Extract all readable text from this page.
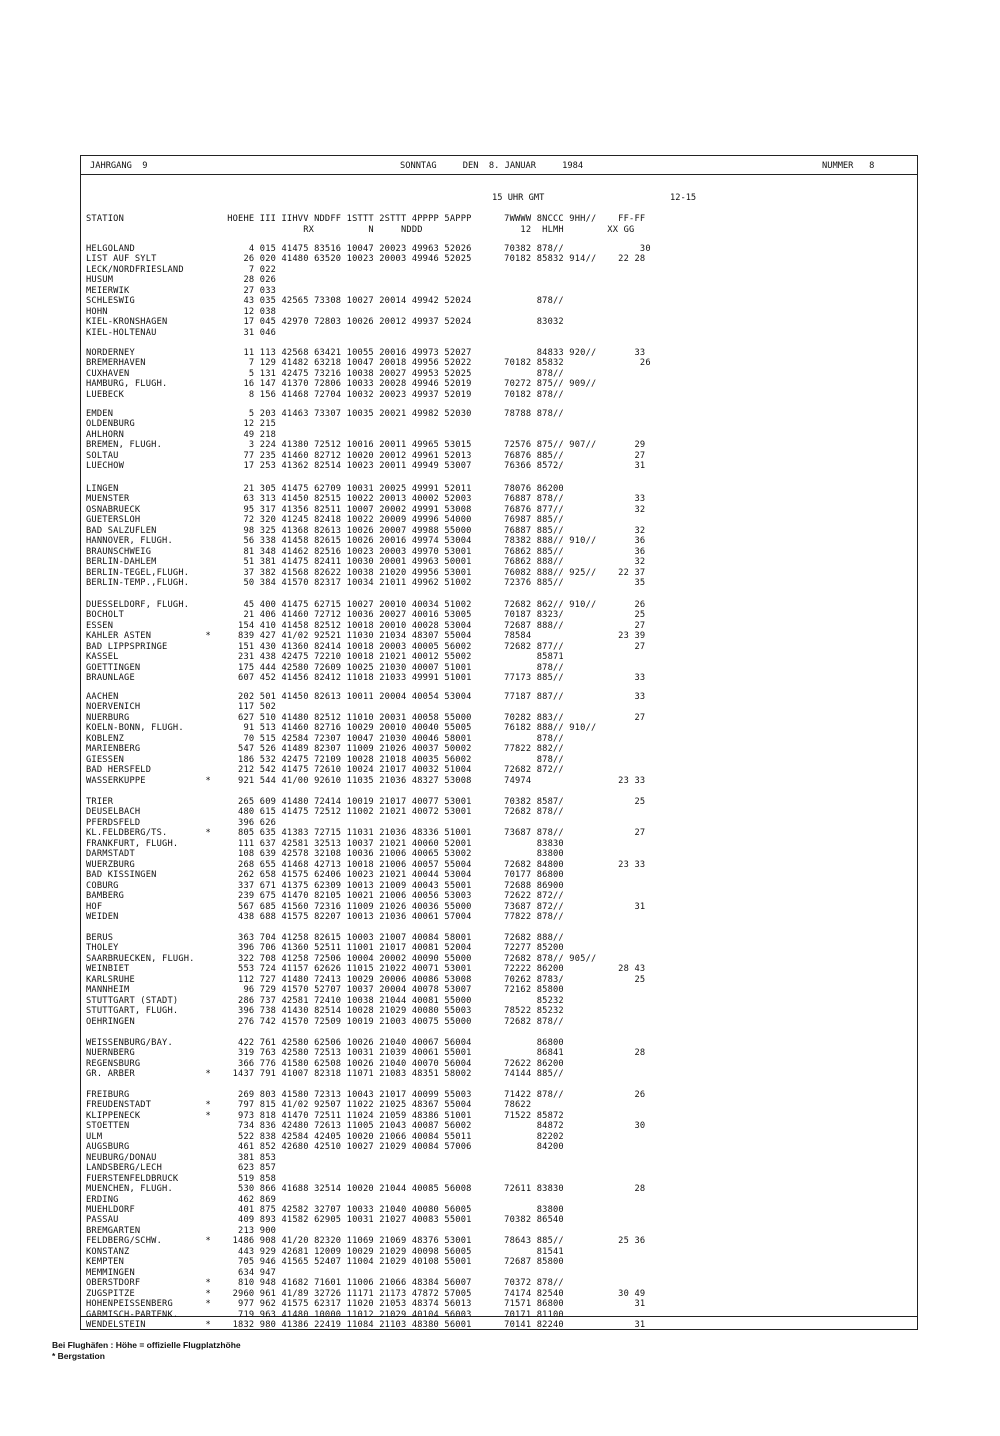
JAHRGANG  9	SONNTAG     DEN  8. JANUAR     1984	NUMMER   8
15 UHR GMT	12-15
STATION                   HOEHE III IIHVV NDDFF 1STTT 2STTT 4PPPP 5APPP      7WWWW 8NCCC 9HH//    FF-FF
RX          N     NDDD                  12  HLMH        XX GG
HELGOLAND                     4 015 41475 83516 10047 20023 49963 52026      70382 878//              30
LIST AUF SYLT                26 020 41480 63520 10023 20003 49946 52025      70182 85832 914//    22 28
LECK/NORDFRIESLAND            7 022
HUSUM                        28 026
MEIERWIK                     27 033
SCHLESWIG                    43 035 42565 73308 10027 20014 49942 52024            878//
HOHN                         12 038
KIEL-KRONSHAGEN              17 045 42970 72803 10026 20012 49937 52024            83032
KIEL-HOLTENAU                31 046
NORDERNEY                    11 113 42568 63421 10055 20016 49973 52027            84833 920//       33
BREMERHAVEN                   7 129 41482 63218 10047 20018 49956 52022      70182 85832              26
CUXHAVEN                      5 131 42475 73216 10038 20027 49953 52025            878//
HAMBURG, FLUGH.              16 147 41370 72806 10033 20028 49946 52019      70272 875// 909//
LUEBECK                       8 156 41468 72704 10032 20023 49937 52019      70182 878//
EMDEN                         5 203 41463 73307 10035 20021 49982 52030      78788 878//
OLDENBURG                    12 215
AHLHORN                      49 218
BREMEN, FLUGH.                3 224 41380 72512 10016 20011 49965 53015      72576 875// 907//       29
SOLTAU                       77 235 41460 82712 10020 20012 49961 52013      76876 885//             27
LUECHOW                      17 253 41362 82514 10023 20011 49949 53007      76366 8572/             31
LINGEN                       21 305 41475 62709 10031 20025 49991 52011      78076 86200
MUENSTER                     63 313 41450 82515 10022 20013 40002 52003      76887 878//             33
OSNABRUECK                   95 317 41356 82511 10007 20002 49991 53008      76876 877//             32
GUETERSLOH                   72 320 41245 82418 10022 20009 49996 54000      76987 885//
BAD SALZUFLEN                98 325 41368 82613 10026 20007 49988 55000      76887 885//             32
HANNOVER, FLUGH.             56 338 41458 82615 10026 20016 49974 53004      78382 888// 910//       36
BRAUNSCHWEIG                 81 348 41462 82516 10023 20003 49970 53001      76862 885//             36
BERLIN-DAHLEM                51 381 41475 82411 10030 20001 49963 50001      76862 888//             32
BERLIN-TEGEL,FLUGH.          37 382 41568 82622 10038 21020 49956 53001      76082 888// 925//    22 37
BERLIN-TEMP.,FLUGH.          50 384 41570 82317 10034 21011 49962 51002      72376 885//             35
DUESSELDORF, FLUGH.          45 400 41475 62715 10027 20010 40034 51002      72682 862// 910//       26
BOCHOLT                      21 406 41460 72712 10036 20027 40016 53005      70187 8323/             25
ESSEN                       154 410 41458 82512 10018 20010 40028 53004      72687 888//             27
KAHLER ASTEN          *     839 427 41/02 92521 11030 21034 48307 55004      78584                23 39
BAD LIPPSPRINGE             151 430 41360 82414 10018 20003 40005 56002      72682 877//             27
KASSEL                      231 438 42475 72210 10018 21021 40012 55002            85871
GOETTINGEN                  175 444 42580 72609 10025 21030 40007 51001            878//
BRAUNLAGE                   607 452 41456 82412 11018 21033 49991 51001      77173 885//             33
AACHEN                      202 501 41450 82613 10011 20004 40054 53004      77187 887//             33
NOERVENICH                  117 502
NUERBURG                    627 510 41480 82512 11010 20031 40058 55000      70282 883//             27
KOELN-BONN, FLUGH.           91 513 41460 82716 10029 20010 40040 55005      76182 888// 910//
KOBLENZ                      70 515 42584 72307 10047 21030 40046 58001            878//
MARIENBERG                  547 526 41489 82307 11009 21026 40037 50002      77822 882//
GIESSEN                     186 532 42475 72109 10028 21018 40035 56002            878//
BAD HERSFELD                212 542 41475 72610 10024 21017 40032 51004      72682 872//
WASSERKUPPE           *     921 544 41/00 92610 11035 21036 48327 53008      74974                23 33
TRIER                       265 609 41480 72414 10019 21017 40077 53001      70382 8587/             25
DEUSELBACH                  480 615 41475 72512 11002 21021 40072 53001      72682 878//
PFERDSFELD                  396 626
KL.FELDBERG/TS.       *     805 635 41383 72715 11031 21036 48336 51001      73687 878//             27
FRANKFURT, FLUGH.           111 637 42581 32513 10037 21021 40060 52001            83830
DARMSTADT                   108 639 42578 32108 10036 21006 40065 53002            83800
WUERZBURG                   268 655 41468 42713 10018 21006 40057 55004      72682 84800          23 33
BAD KISSINGEN               262 658 41575 62406 10023 21021 40044 53004      70177 86800
COBURG                      337 671 41375 62309 10013 21009 40043 55001      72688 86900
BAMBERG                     239 675 41470 82105 10021 21006 40056 53003      72622 872//
HOF                         567 685 41560 72316 11009 21026 40036 55000      73687 872//             31
WEIDEN                      438 688 41575 82207 10013 21036 40061 57004      77822 878//
BERUS                       363 704 41258 82615 10003 21007 40084 58001      72682 888//
THOLEY                      396 706 41360 52511 11001 21017 40081 52004      72277 85200
SAARBRUECKEN, FLUGH.        322 708 41258 72506 10004 20002 40090 55000      72682 878// 905//
WEINBIET                    553 724 41157 62626 11015 21022 40071 53001      72222 86200          28 43
KARLSRUHE                   112 727 41480 72413 10029 20006 40086 53008      70262 8783/             25
MANNHEIM                     96 729 41570 52707 10037 20004 40078 53007      72162 85800
STUTTGART (STADT)           286 737 42581 72410 10038 21044 40081 55000            85232
STUTTGART, FLUGH.           396 738 41430 82514 10028 21029 40080 55003      78522 85232
OEHRINGEN                   276 742 41570 72509 10019 21003 40075 55000      72682 878//
WEISSENBURG/BAY.            422 761 42580 62506 10026 21040 40067 56004            86800
NUERNBERG                   319 763 42580 72513 10031 21039 40061 55001            86841             28
REGENSBURG                  366 776 41580 62508 10026 21040 40070 56004      72622 86200
GR. ARBER             *    1437 791 41007 82318 11071 21083 48351 58002      74144 885//
FREIBURG                    269 803 41580 72313 10043 21017 40099 55003      71422 878//             26
FREUDENSTADT          *     797 815 41/02 92507 11022 21025 48367 55004      78622
KLIPPENECK            *     973 818 41470 72511 11024 21059 48386 51001      71522 85872
STOETTEN                    734 836 42480 72613 11005 21043 40087 56002            84872             30
ULM                         522 838 42584 42405 10020 21066 40084 55011            82202
AUGSBURG                    461 852 42680 42510 10027 21029 40084 57006            84200
NEUBURG/DONAU               381 853
LANDSBERG/LECH              623 857
FUERSTENFELDBRUCK           519 858
MUENCHEN, FLUGH.            530 866 41688 32514 10020 21044 40085 56008      72611 83830             28
ERDING                      462 869
MUEHLDORF                   401 875 42582 32707 10033 21040 40080 56005            83800
PASSAU                      409 893 41582 62905 10031 21027 40083 55001      70382 86540
BREMGARTEN                  213 900
FELDBERG/SCHW.        *    1486 908 41/20 82320 11069 21069 48376 53001      78643 885//          25 36
KONSTANZ                    443 929 42681 12009 10029 21029 40098 56005            81541
KEMPTEN                     705 946 41565 52407 11004 21029 40108 55001      72687 85800
MEMMINGEN                   634 947
OBERSTDORF            *     810 948 41682 71601 11006 21066 48384 56007      70372 878//
ZUGSPITZE             *    2960 961 41/89 32726 11171 21173 47872 57005      74174 82540          30 49
HOHENPEISSENBERG      *     977 962 41575 62317 11020 21053 48374 56013      71571 86800             31
GARMISCH-PARTENK.           719 963 41480 10000 11012 21029 40104 56003      70171 81100
WENDELSTEIN           *    1832 980 41386 22419 11084 21103 48380 56001      70141 82240             31
Bei Flughäfen : Höhe = offizielle Flugplatzhöhe
* Bergstation
